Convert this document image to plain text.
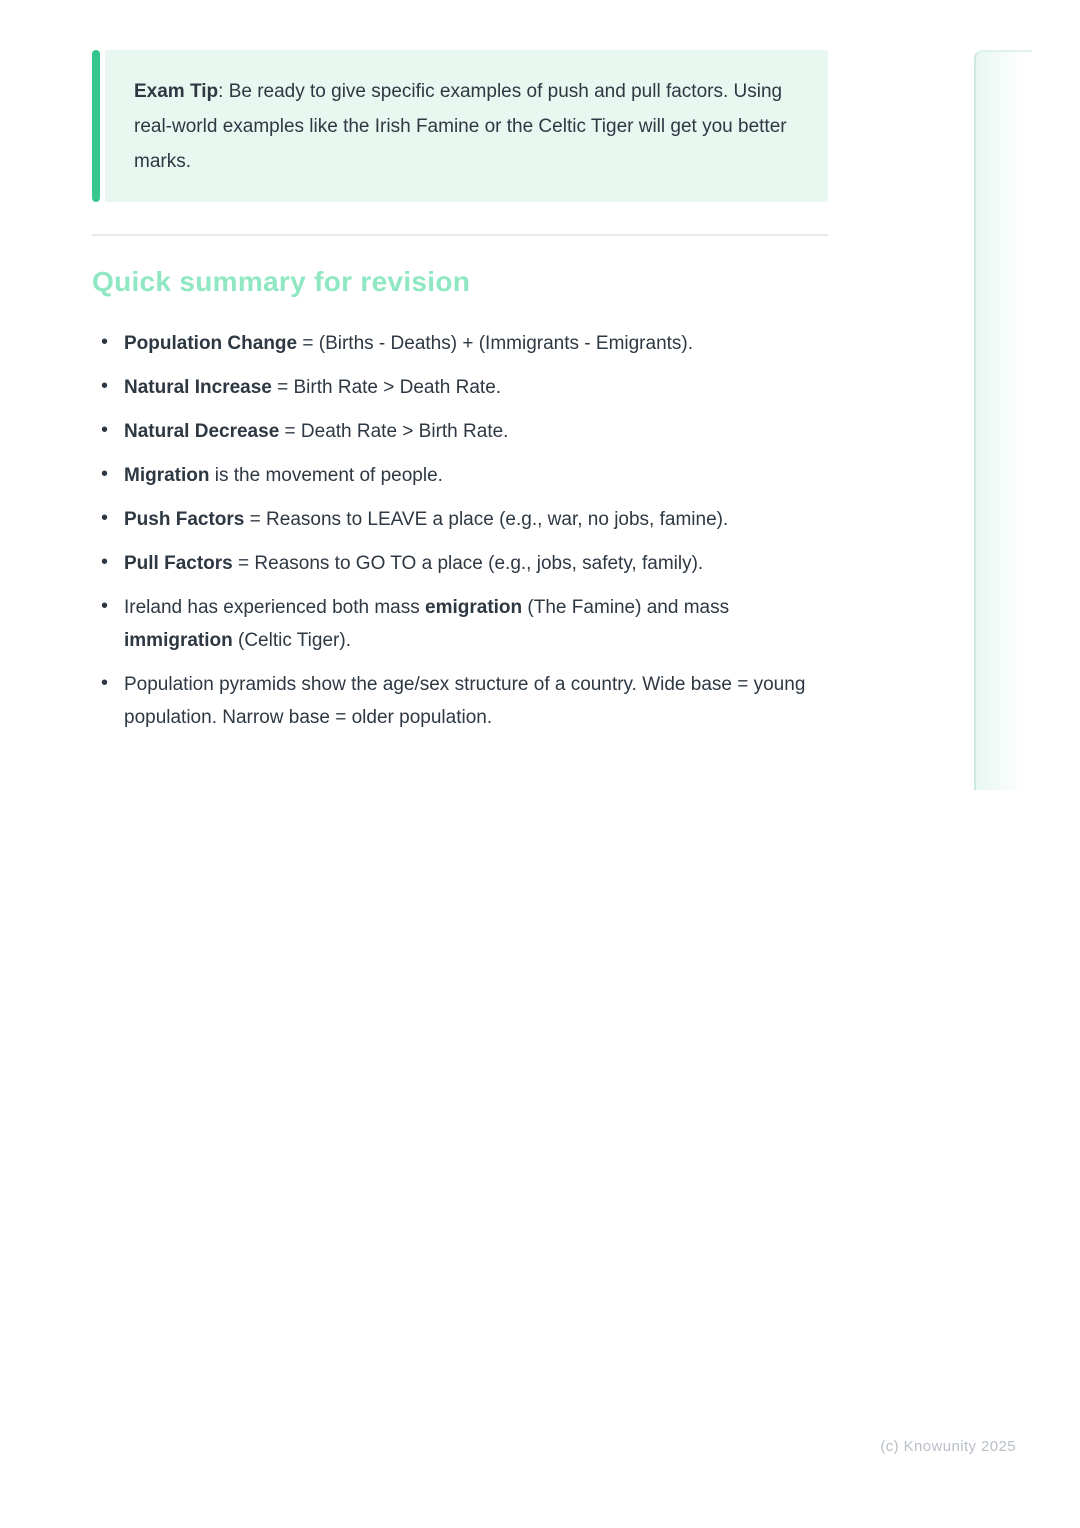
Exam Tip: Be ready to give specific examples of push and pull factors. Using real-world examples like the Irish Famine or the Celtic Tiger will get you better marks.

Quick summary for revision
• Population Change = (Births - Deaths) + (Immigrants - Emigrants).
• Natural Increase = Birth Rate > Death Rate.
• Natural Decrease = Death Rate > Birth Rate.
• Migration is the movement of people.
• Push Factors = Reasons to LEAVE a place (e.g., war, no jobs, famine).
• Pull Factors = Reasons to GO TO a place (e.g., jobs, safety, family).
• Ireland has experienced both mass emigration (The Famine) and mass immigration (Celtic Tiger).
• Population pyramids show the age/sex structure of a country. Wide base = young population. Narrow base = older population.
(c) Knowunity 2025
